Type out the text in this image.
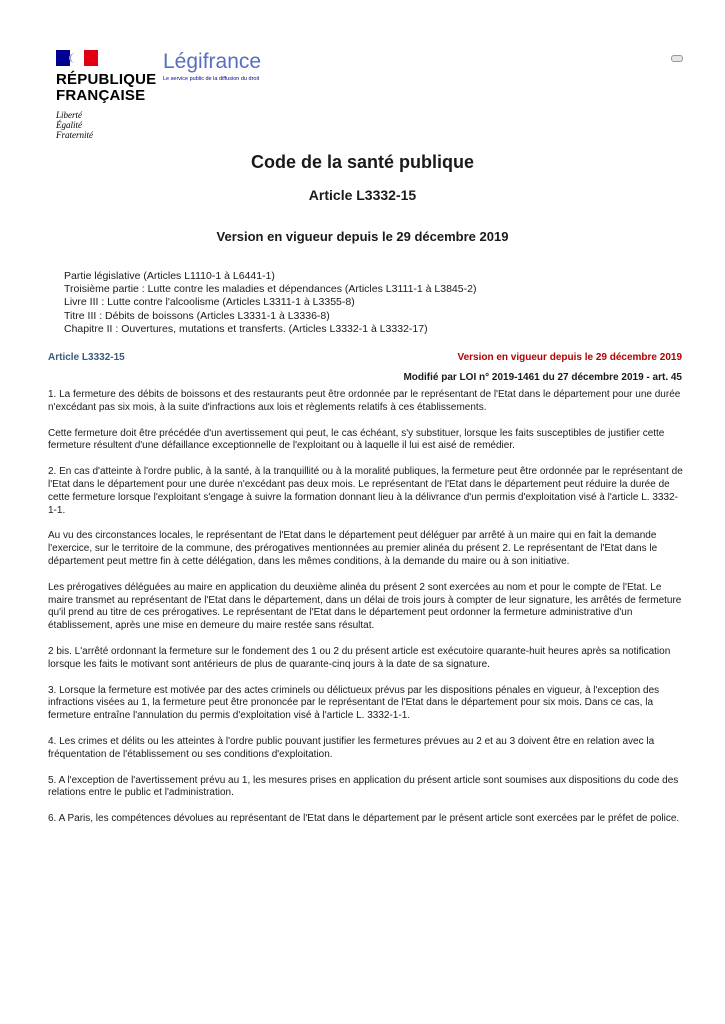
RÉPUBLIQUE
FRANÇAISE
Liberté
Égalité
Fraternité
Légifrance
Le service public de la diffusion du droit
Code de la santé publique
Article L3332-15
Version en vigueur depuis le 29 décembre 2019
Partie législative (Articles L1110-1 à L6441-1)
Troisième partie : Lutte contre les maladies et dépendances (Articles L3111-1 à L3845-2)
Livre III : Lutte contre l'alcoolisme (Articles L3311-1 à L3355-8)
Titre III : Débits de boissons (Articles L3331-1 à L3336-8)
Chapitre II : Ouvertures, mutations et transferts. (Articles L3332-1 à L3332-17)
Article L3332-15	Version en vigueur depuis le 29 décembre 2019
Modifié par LOI n° 2019-1461 du 27 décembre 2019 - art. 45

1. La fermeture des débits de boissons et des restaurants peut être ordonnée par le représentant de l'Etat dans le département pour une durée n'excédant pas six mois, à la suite d'infractions aux lois et règlements relatifs à ces établissements.

Cette fermeture doit être précédée d'un avertissement qui peut, le cas échéant, s'y substituer, lorsque les faits susceptibles de justifier cette fermeture résultent d'une défaillance exceptionnelle de l'exploitant ou à laquelle il lui est aisé de remédier.

2. En cas d'atteinte à l'ordre public, à la santé, à la tranquillité ou à la moralité publiques, la fermeture peut être ordonnée par le représentant de l'Etat dans le département pour une durée n'excédant pas deux mois. Le représentant de l'Etat dans le département peut réduire la durée de cette fermeture lorsque l'exploitant s'engage à suivre la formation donnant lieu à la délivrance d'un permis d'exploitation visé à l'article L. 3332-1-1.

Au vu des circonstances locales, le représentant de l'Etat dans le département peut déléguer par arrêté à un maire qui en fait la demande l'exercice, sur le territoire de la commune, des prérogatives mentionnées au premier alinéa du présent 2. Le représentant de l'Etat dans le département peut mettre fin à cette délégation, dans les mêmes conditions, à la demande du maire ou à son initiative.

Les prérogatives déléguées au maire en application du deuxième alinéa du présent 2 sont exercées au nom et pour le compte de l'Etat. Le maire transmet au représentant de l'Etat dans le département, dans un délai de trois jours à compter de leur signature, les arrêtés de fermeture qu'il prend au titre de ces prérogatives. Le représentant de l'Etat dans le département peut ordonner la fermeture administrative d'un établissement, après une mise en demeure du maire restée sans résultat.

2 bis. L'arrêté ordonnant la fermeture sur le fondement des 1 ou 2 du présent article est exécutoire quarante-huit heures après sa notification lorsque les faits le motivant sont antérieurs de plus de quarante-cinq jours à la date de sa signature.

3. Lorsque la fermeture est motivée par des actes criminels ou délictueux prévus par les dispositions pénales en vigueur, à l'exception des infractions visées au 1, la fermeture peut être prononcée par le représentant de l'Etat dans le département pour six mois. Dans ce cas, la fermeture entraîne l'annulation du permis d'exploitation visé à l'article L. 3332-1-1.

4. Les crimes et délits ou les atteintes à l'ordre public pouvant justifier les fermetures prévues au 2 et au 3 doivent être en relation avec la fréquentation de l'établissement ou ses conditions d'exploitation.

5. A l'exception de l'avertissement prévu au 1, les mesures prises en application du présent article sont soumises aux dispositions du code des relations entre le public et l'administration.

6. A Paris, les compétences dévolues au représentant de l'Etat dans le département par le présent article sont exercées par le préfet de police.
